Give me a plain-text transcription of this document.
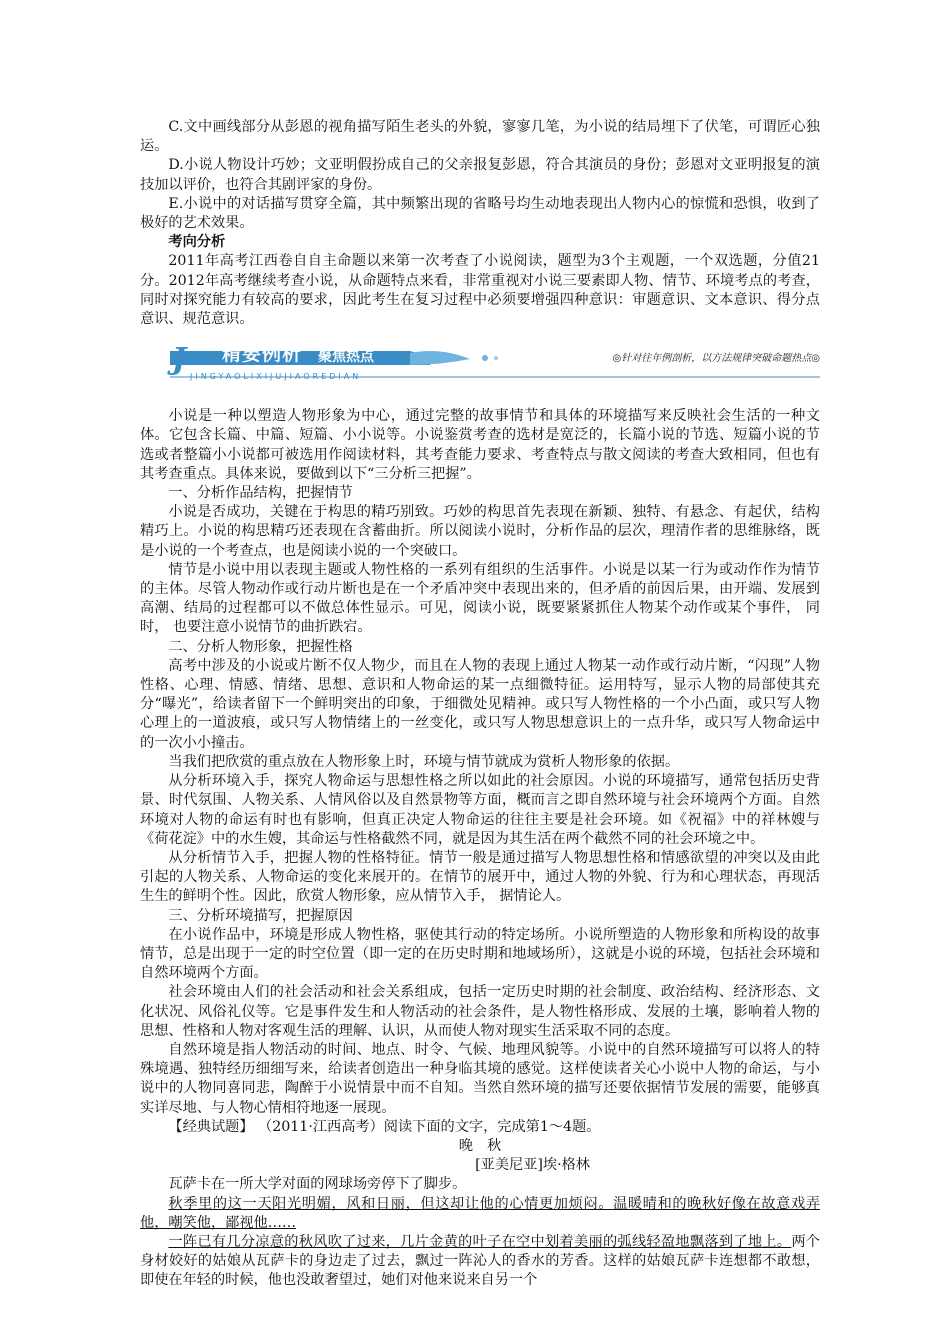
C.文中画线部分从彭恩的视角描写陌生老头的外貌，寥寥几笔，为小说的结局埋下了伏笔，可谓匠心独运。

D.小说人物设计巧妙；文亚明假扮成自己的父亲报复彭恩，符合其演员的身份；彭恩对文亚明报复的演技加以评价，也符合其剧评家的身份。

E.小说中的对话描写贯穿全篇，其中频繁出现的省略号均生动地表现出人物内心的惊慌和恐惧，收到了极好的艺术效果。

考向分析

2011年高考江西卷自自主命题以来第一次考查了小说阅读，题型为3个主观题，一个双选题，分值21分。2012年高考继续考查小说，从命题特点来看，非常重视对小说三要素即人物、情节、环境考点的考查，同时对探究能力有较高的要求，因此考生在复习过程中必须要增强四种意识：审题意识、文本意识、得分点意识、规范意识。

J 精要例析 聚焦热点
JINGYAOLIXIJUJIAOREDIAN
◎针对往年例剖析，以方法规律突破命题热点◎

小说是一种以塑造人物形象为中心，通过完整的故事情节和具体的环境描写来反映社会生活的一种文体。它包含长篇、中篇、短篇、小小说等。小说鉴赏考查的选材是宽泛的，长篇小说的节选、短篇小说的节选或者整篇小小说都可被选用作阅读材料，其考查能力要求、考查特点与散文阅读的考查大致相同，但也有其考查重点。具体来说，要做到以下“三分析三把握”。

一、分析作品结构，把握情节

小说是否成功，关键在于构思的精巧别致。巧妙的构思首先表现在新颖、独特、有悬念、有起伏，结构精巧上。小说的构思精巧还表现在含蓄曲折。所以阅读小说时，分析作品的层次，理清作者的思维脉络，既是小说的一个考查点，也是阅读小说的一个突破口。

情节是小说中用以表现主题或人物性格的一系列有组织的生活事件。小说是以某一行为或动作作为情节的主体。尽管人物动作或行动片断也是在一个矛盾冲突中表现出来的，但矛盾的前因后果，由开端、发展到高潮、结局的过程都可以不做总体性显示。可见，阅读小说，既要紧紧抓住人物某个动作或某个事件， 同时， 也要注意小说情节的曲折跌宕。

二、分析人物形象，把握性格

高考中涉及的小说或片断不仅人物少，而且在人物的表现上通过人物某一动作或行动片断，“闪现”人物性格、心理、情感、情绪、思想、意识和人物命运的某一点细微特征。运用特写，显示人物的局部使其充分“曝光”，给读者留下一个鲜明突出的印象，于细微处见精神。或只写人物性格的一个小凸面，或只写人物心理上的一道波痕，或只写人物情绪上的一丝变化，或只写人物思想意识上的一点升华，或只写人物命运中的一次小小撞击。

当我们把欣赏的重点放在人物形象上时，环境与情节就成为赏析人物形象的依据。

从分析环境入手，探究人物命运与思想性格之所以如此的社会原因。小说的环境描写，通常包括历史背景、时代氛围、人物关系、人情风俗以及自然景物等方面，概而言之即自然环境与社会环境两个方面。自然环境对人物的命运有时也有影响，但真正决定人物命运的往往主要是社会环境。如《祝福》中的祥林嫂与《荷花淀》中的水生嫂，其命运与性格截然不同，就是因为其生活在两个截然不同的社会环境之中。

从分析情节入手，把握人物的性格特征。情节一般是通过描写人物思想性格和情感欲望的冲突以及由此引起的人物关系、人物命运的变化来展开的。在情节的展开中，通过人物的外貌、行为和心理状态，再现活生生的鲜明个性。因此，欣赏人物形象，应从情节入手， 据情论人。

三、分析环境描写，把握原因

在小说作品中，环境是形成人物性格，驱使其行动的特定场所。小说所塑造的人物形象和所构设的故事情节，总是出现于一定的时空位置（即一定的在历史时期和地域场所），这就是小说的环境，包括社会环境和自然环境两个方面。

社会环境由人们的社会活动和社会关系组成，包括一定历史时期的社会制度、政治结构、经济形态、文化状况、风俗礼仪等。它是事件发生和人物活动的社会条件，是人物性格形成、发展的土壤，影响着人物的思想、性格和人物对客观生活的理解、认识，从而使人物对现实生活采取不同的态度。

自然环境是指人物活动的时间、地点、时令、气候、地理风貌等。小说中的自然环境描写可以将人的特殊境遇、独特经历细细写来，给读者创造出一种身临其境的感觉。这样使读者关心小说中人物的命运，与小说中的人物同喜同悲，陶醉于小说情景中而不自知。当然自然环境的描写还要依据情节发展的需要，能够真实详尽地、与人物心情相符地逐一展现。

【经典试题】 （2011·江西高考）阅读下面的文字，完成第1～4题。

晚　秋

[亚美尼亚]埃·格林

瓦萨卡在一所大学对面的网球场旁停下了脚步。

秋季里的这一天阳光明媚，风和日丽，但这却让他的心情更加烦闷。温暖晴和的晚秋好像在故意戏弄他，嘲笑他，鄙视他……

一阵已有几分凉意的秋风吹了过来，几片金黄的叶子在空中划着美丽的弧线轻盈地飘落到了地上。两个身材姣好的姑娘从瓦萨卡的身边走了过去，飘过一阵沁人的香水的芳香。这样的姑娘瓦萨卡连想都不敢想，即使在年轻的时候，他也没敢奢望过，她们对他来说来自另一个
